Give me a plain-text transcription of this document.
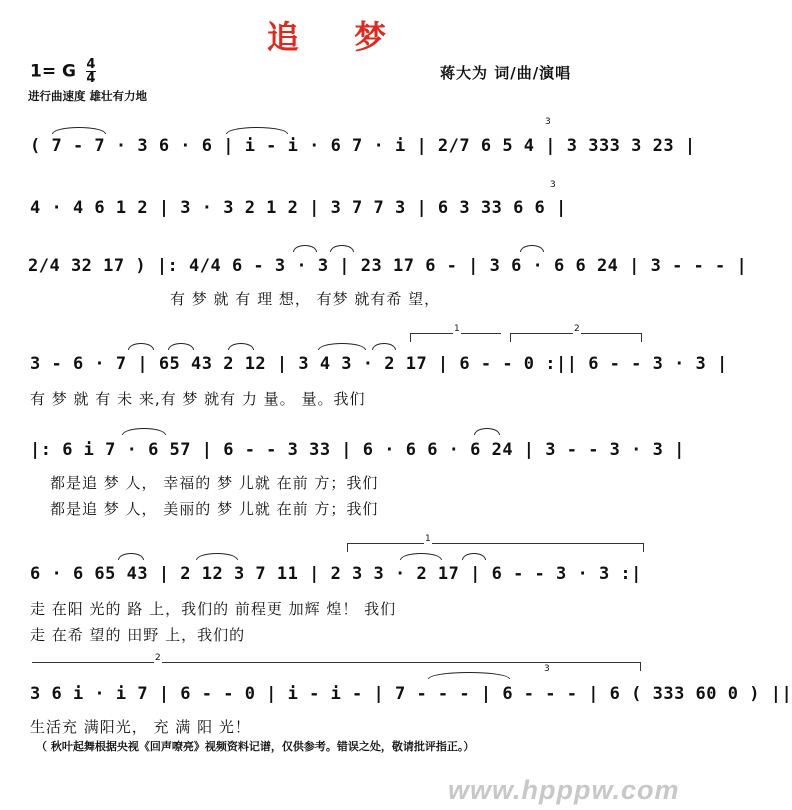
追 梦
1= G $\frac{4}{4}$
进行曲速度 雄壮有力地
蒋大为 词/曲/演唱
( 7 - 7 · 3 6 · 6 | i - i · 6 7 · i | 2/7 6 5 4 | 3 333 3 23 |
3
4 · 4 6 1 2 | 3 · 3 2 1 2 | 3 7 7 3 | 6 3 33 6 6 |
3
2/4 32 17 ) |: 4/4 6 - 3 · 3 | 23 17 6 - | 3 6 · 6 6 24 | 3 - - - |
有 梦 就 有 理 想， 有梦 就有希 望，
1	2
3 - 6 · 7 | 65 43 2 12 | 3 4 3 · 2 17 | 6 - - 0 :|| 6 - - 3 · 3 |
有 梦 就 有 未 来,有 梦 就有 力 量。 量。我们
|: 6 i 7 · 6 57 | 6 - - 3 33 | 6 · 6 6 · 6 24 | 3 - - 3 · 3 |
都是追 梦 人， 幸福的 梦 儿就 在前 方；我们
都是追 梦 人， 美丽的 梦 儿就 在前 方；我们
1
6 · 6 65 43 | 2 12 3 7 11 | 2 3 3 · 2 17 | 6 - - 3 · 3 :|
走 在阳 光的 路 上，我们的 前程更 加辉 煌！ 我们
走 在希 望的 田野 上，我们的
2
3 6 i · i 7 | 6 - - 0 | i - i - | 7 - - - | 6 - - - | 6 ( 333 60 0 ) ||
3
生活充 满阳光， 充 满 阳 光！
（ 秋叶起舞根据央视《回声嘹亮》视频资料记谱，仅供参考。错误之处，敬请批评指正。）
www.hpppw.com
